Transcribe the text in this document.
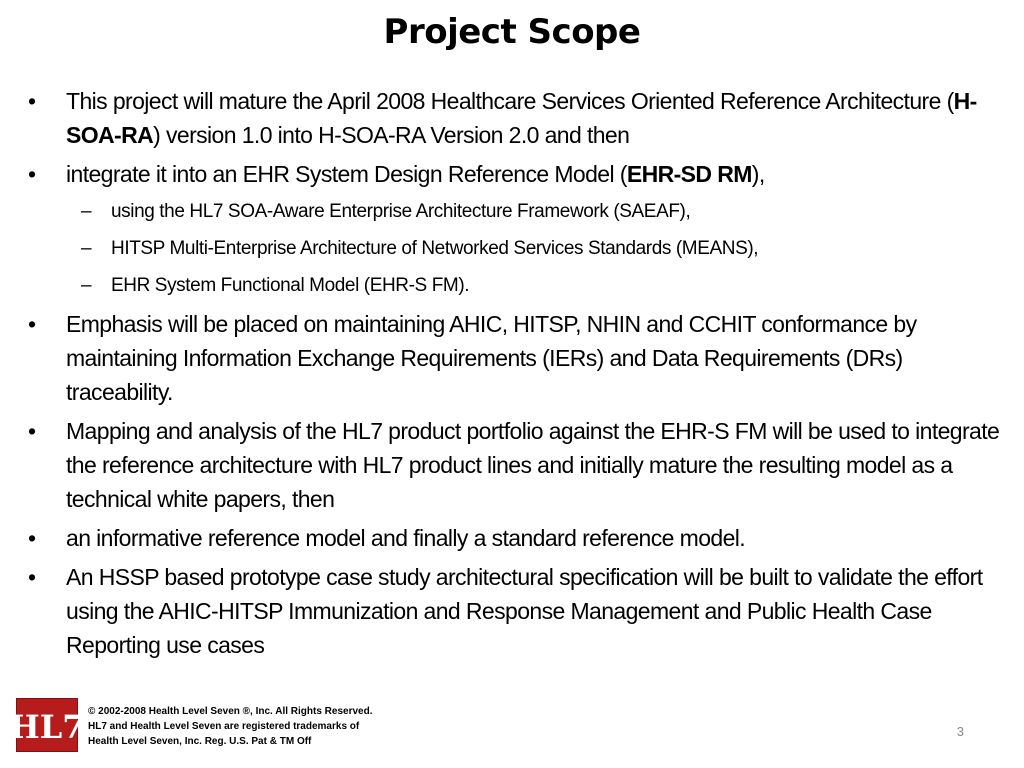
Project Scope
• This project will mature the April 2008 Healthcare Services Oriented Reference Architecture (H-SOA-RA) version 1.0 into H-SOA-RA Version 2.0 and then
• integrate it into an EHR System Design Reference Model (EHR-SD RM),
– using the HL7 SOA-Aware Enterprise Architecture Framework (SAEAF),
– HITSP Multi-Enterprise Architecture of Networked Services Standards (MEANS),
– EHR System Functional Model (EHR-S FM).
• Emphasis will be placed on maintaining AHIC, HITSP, NHIN and CCHIT conformance by maintaining Information Exchange Requirements (IERs) and Data Requirements (DRs) traceability.
• Mapping and analysis of the HL7 product portfolio against the EHR-S FM will be used to integrate the reference architecture with HL7 product lines and initially mature the resulting model as a technical white papers, then
• an informative reference model and finally a standard reference model.
• An HSSP based prototype case study architectural specification will be built to validate the effort using the AHIC-HITSP Immunization and Response Management and Public Health Case Reporting use cases
HL7 © 2002-2008 Health Level Seven ®, Inc. All Rights Reserved.
HL7 and Health Level Seven are registered trademarks of
Health Level Seven, Inc. Reg. U.S. Pat & TM Off
3
